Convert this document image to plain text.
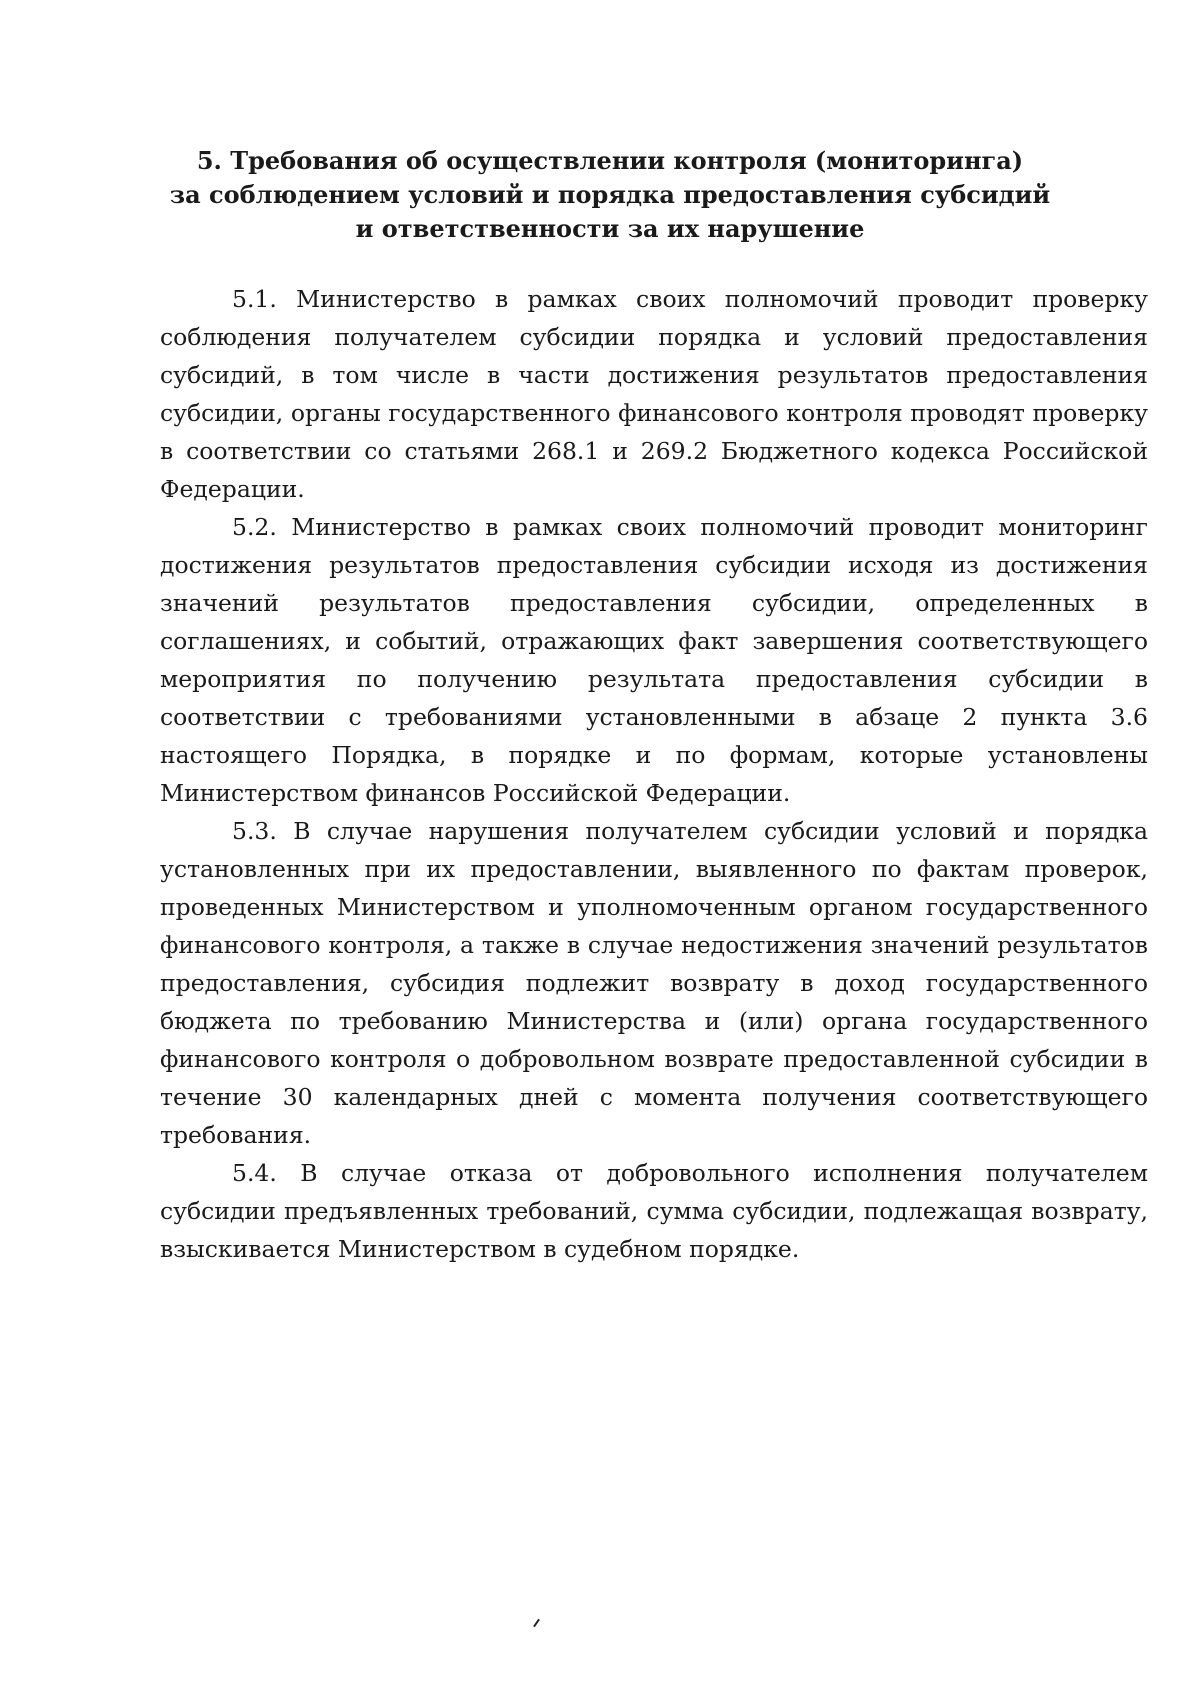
5. Требования об осуществлении контроля (мониторинга)
за соблюдением условий и порядка предоставления субсидий
и ответственности за их нарушение

5.1. Министерство в рамках своих полномочий проводит проверку соблюдения получателем субсидии порядка и условий предоставления субсидий, в том числе в части достижения результатов предоставления субсидии, органы государственного финансового контроля проводят проверку в соответствии со статьями 268.1 и 269.2 Бюджетного кодекса Российской Федерации.

5.2. Министерство в рамках своих полномочий проводит мониторинг достижения результатов предоставления субсидии исходя из достижения значений результатов предоставления субсидии, определенных в соглашениях, и событий, отражающих факт завершения соответствующего мероприятия по получению результата предоставления субсидии в соответствии с требованиями установленными в абзаце 2 пункта 3.6 настоящего Порядка, в порядке и по формам, которые установлены Министерством финансов Российской Федерации.

5.3. В случае нарушения получателем субсидии условий и порядка установленных при их предоставлении, выявленного по фактам проверок, проведенных Министерством и уполномоченным органом государственного финансового контроля, а также в случае недостижения значений результатов предоставления, субсидия подлежит возврату в доход государственного бюджета по требованию Министерства и (или) органа государственного финансового контроля о добровольном возврате предоставленной субсидии в течение 30 календарных дней с момента получения соответствующего требования.

5.4. В случае отказа от добровольного исполнения получателем субсидии предъявленных требований, сумма субсидии, подлежащая возврату, взыскивается Министерством в судебном порядке.
